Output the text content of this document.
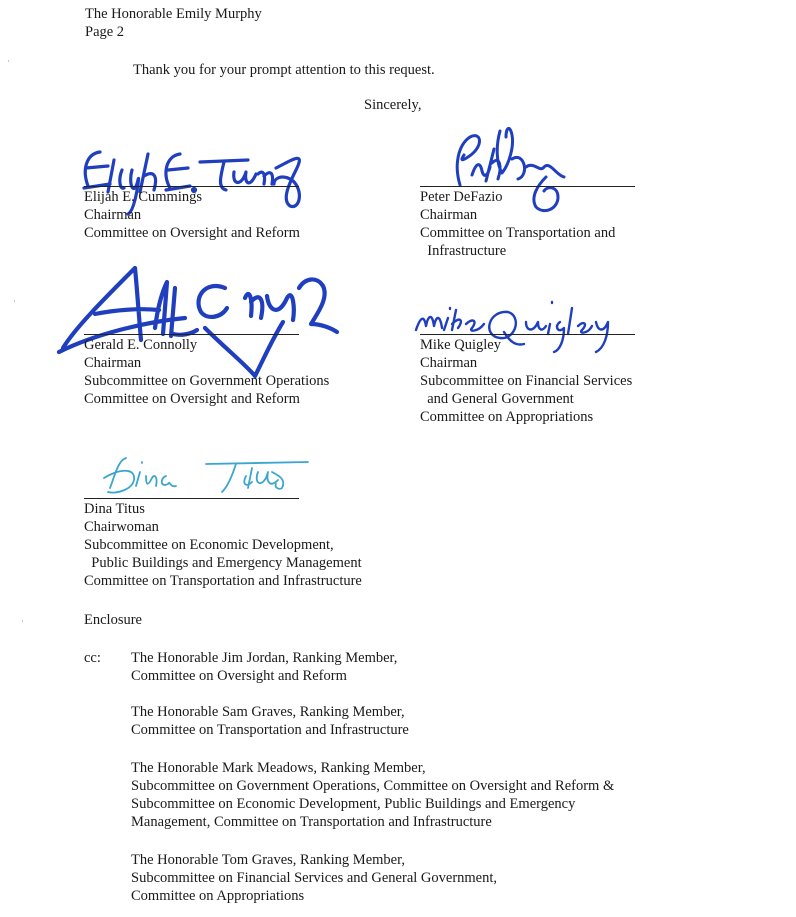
The Honorable Emily Murphy
Page 2
Thank you for your prompt attention to this request.
Sincerely,
Elijah E. Cummings
Chairman
Committee on Oversight and Reform
Peter DeFazio
Chairman
Committee on Transportation and
Infrastructure
Gerald E. Connolly
Chairman
Subcommittee on Government Operations
Committee on Oversight and Reform
Mike Quigley
Chairman
Subcommittee on Financial Services
and General Government
Committee on Appropriations
Dina Titus
Chairwoman
Subcommittee on Economic Development,
Public Buildings and Emergency Management
Committee on Transportation and Infrastructure
Enclosure
cc: The Honorable Jim Jordan, Ranking Member,
Committee on Oversight and Reform
The Honorable Sam Graves, Ranking Member,
Committee on Transportation and Infrastructure
The Honorable Mark Meadows, Ranking Member,
Subcommittee on Government Operations, Committee on Oversight and Reform &
Subcommittee on Economic Development, Public Buildings and Emergency
Management, Committee on Transportation and Infrastructure
The Honorable Tom Graves, Ranking Member,
Subcommittee on Financial Services and General Government,
Committee on Appropriations
